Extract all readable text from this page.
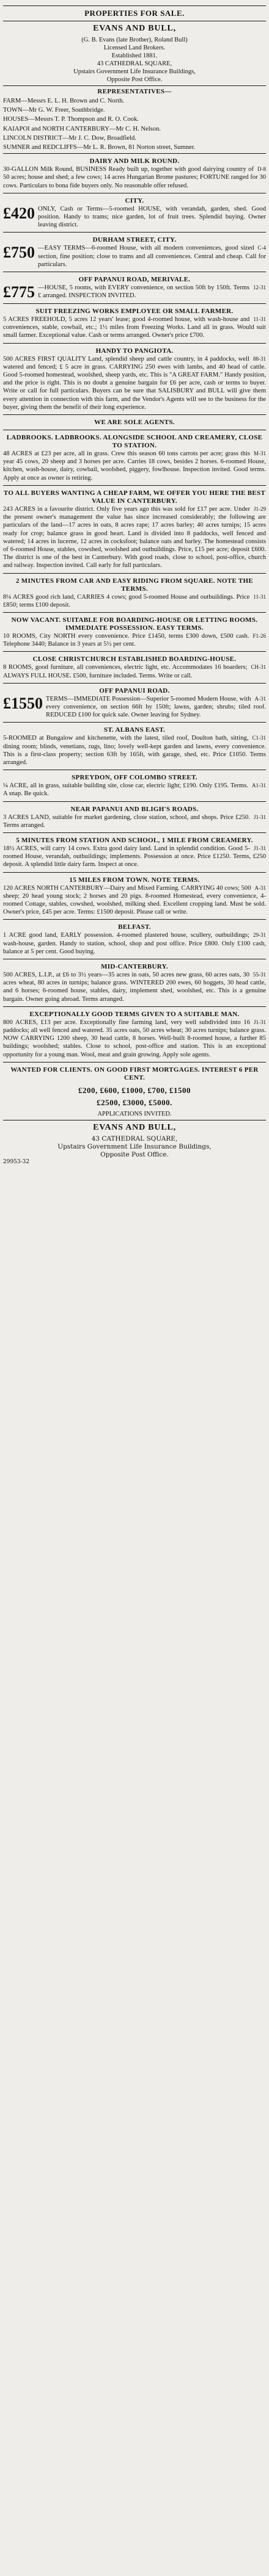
PROPERTIES FOR SALE.
EVANS AND BULL,
(G. B. Evans (late Brother), Roland Bull)
Licensed Land Brokers.
Established 1881.
43 CATHEDRAL SQUARE,
Upstairs Government Life Insurance Buildings,
Opposite Post Office.
REPRESENTATIVES—
FARM—Messrs E. L. H. Brown and C. North.
TOWN—Mr G. W. Freer, Southbridge.
HOUSES—Messrs T. P. Thompson and R. O. Cook.
KAIAPOI and NORTH CANTERBURY—Mr C. H. Nelson.
LINCOLN DISTRICT—Mr J. C. Dow, Broadfield.
SUMNER and REDCLIFFS—Mr L. R. Brown, 81 Norton street, Sumner.
DAIRY AND MILK ROUND.
D-8
30-GALLON Milk Round, BUSINESS Ready built up, together with good dairying country of 50 acres; house and shed; a few cows; 14 acres Hungarian Brome pastures; FORTUNE ranged for 30 cows. Particulars to bona fide buyers only. No reasonable offer refused.
CITY.
£420 ONLY, Cash or Terms—5-roomed HOUSE, with verandah, garden, shed. Good position. Handy to trams; nice garden, lot of fruit trees. Splendid buying. Owner leaving district.
DURHAM STREET, CITY.
£750	C-4
—EASY TERMS—6-roomed House, with all modern conveniences, good sized section, fine position; close to trams and all conveniences. Central and cheap. Call for particulars.
OFF PAPANUI ROAD, MERIVALE.
£775	12-31
—HOUSE, 5 rooms, with EVERY convenience, on section 50ft by 150ft. Terms £ arranged. INSPECTION INVITED.
SUIT FREEZING WORKS EMPLOYEE OR SMALL FARMER.
11-31
5 ACRES FREEHOLD, 5 acres 12 years' lease; good 4-roomed house, with wash-house and conveniences, stable, cowbail, etc.; 1½ miles from Freezing Works. Land all in grass. Would suit small farmer. Exceptional value. Cash or terms arranged. Owner's price £700.
HANDY TO PANGIOTA.
88-31
500 ACRES FIRST QUALITY Land, splendid sheep and cattle country, in 4 paddocks, well watered and fenced; £ 5 acre in grass. CARRYING 250 ewes with lambs, and 40 head of cattle. Good 5-roomed homestead, woolshed, sheep yards, etc. This is "A GREAT FARM." Handy position, and the price is right. This is no doubt a genuine bargain for £6 per acre, cash or terms to buyer. Write or call for full particulars. Buyers can be sure that SALISBURY and BULL will give them every attention in connection with this farm, and the Vendor's Agents will see to the business for the buyer, giving them the benefit of their long experience.
WE ARE SOLE AGENTS.
LADBROOKS. LADBROOKS. ALONGSIDE SCHOOL AND CREAMERY, CLOSE TO STATION.
M-31
48 ACRES at £23 per acre, all in grass. Crew this season 60 tons carrots per acre; grass this year 45 cows, 20 sheep and 3 horses per acre. Carries 18 cows, besides 2 horses. 6-roomed House, kitchen, wash-house, dairy, cowbail, woolshed, piggery, fowlhouse. Inspection invited. Good terms. Apply at once as owner is retiring.
TO ALL BUYERS WANTING A CHEAP FARM, WE OFFER YOU HERE THE BEST VALUE IN CANTERBURY.
J1-29
243 ACRES in a favourite district. Only five years ago this was sold for £17 per acre. Under the present owner's management the value has since increased considerably; the following are particulars of the land—17 acres in oats, 8 acres rape; 17 acres barley; 40 acres turnips; 15 acres ready for crop; balance grass in good heart. Land is divided into 8 paddocks, well fenced and watered; 14 acres in lucerne, 12 acres in cocksfoot; balance oats and barley. The homestead consists of 6-roomed House, stables, cowshed, woolshed and outbuildings. Price, £15 per acre; deposit £600. The district is one of the best in Canterbury. With good roads, close to school, post-office, church and railway. Inspection invited. Call early for full particulars.
2 MINUTES FROM CAR AND EASY RIDING FROM SQUARE. NOTE THE TERMS.
11-31
8¼ ACRES good rich land, CARRIES 4 cows; good 5-roomed House and outbuildings. Price £850; terms £100 deposit.
NOW VACANT. SUITABLE FOR BOARDING-HOUSE OR LETTING ROOMS. IMMEDIATE POSSESSION. EASY TERMS.
F1-26
10 ROOMS, City NORTH every convenience. Price £1450, terms £300 down, £500 cash. Telephone 3440; Balance in 3 years at 5½ per cent.
CLOSE CHRISTCHURCH ESTABLISHED BOARDING-HOUSE.
CH-31
8 ROOMS, good furniture, all conveniences, electric light, etc. Accommodates 16 boarders; ALWAYS FULL HOUSE. £500, furniture included. Terms. Write or call.
OFF PAPANUI ROAD.
£1550	A-31
TERMS—IMMEDIATE Possession—Superior 5-roomed Modern House, with every convenience, on section 66ft by 150ft; lawns, garden; shrubs; tiled roof. REDUCED £100 for quick sale. Owner leaving for Sydney.
ST. ALBANS EAST.
C1-31
5-ROOMED at Bungalow and kitchenette, with the latest, tiled roof, Doulton bath, sitting, dining room; blinds, venetians, rugs, lino; lovely well-kept garden and lawns, every convenience. This is a first-class property; section 63ft by 165ft, with garage, shed, etc. Price £1050. Terms arranged.
SPREYDON, OFF COLOMBO STREET.
A1-31
¼ ACRE, all in grass, suitable building site, close car, electric light; £190. Only £195. Terms. A snap. Be quick.
NEAR PAPANUI AND BLIGH'S ROADS.
J1-31
3 ACRES LAND, suitable for market gardening, close station, school, and shops. Price £250. Terms arranged.
5 MINUTES FROM STATION AND SCHOOL, 1 MILE FROM CREAMERY.
J1-31
18½ ACRES, will carry 14 cows. Extra good dairy land. Land in splendid condition. Good 5-roomed House, verandah, outbuildings; implements. Possession at once. Price £1250. Terms, £250 deposit. A splendid little dairy farm. Inspect at once.
15 MILES FROM TOWN. NOTE TERMS.
A-31
120 ACRES NORTH CANTERBURY—Dairy and Mixed Farming. CARRYING 40 cows; 500 sheep; 20 head young stock; 2 horses and 20 pigs. 8-roomed Homestead, every convenience, 4-roomed Cottage, stables, cowshed, woolshed, milking shed. Excellent cropping land. Must be sold. Owner's price, £45 per acre. Terms: £1500 deposit. Please call or write.
BELFAST.
29-31
1 ACRE good land, EARLY possession. 4-roomed plastered house, scullery, outbuildings; wash-house, garden. Handy to station, school, shop and post office. Price £800. Only £100 cash, balance at 5 per cent. Good buying.
MID-CANTERBURY.
55-31
500 ACRES, L.I.P., at £6 to 3½ years—35 acres in oats, 50 acres new grass, 60 acres oats, 30 acres wheat, 80 acres in turnips; balance grass. WINTERED 200 ewes, 60 hoggets, 30 head cattle, and 6 horses; 6-roomed house, stables, dairy, implement shed, woolshed, etc. This is a genuine bargain. Owner going abroad. Terms arranged.
EXCEPTIONALLY GOOD TERMS GIVEN TO A SUITABLE MAN.
J1-31
800 ACRES, £13 per acre. Exceptionally fine farming land, very well subdivided into 16 paddocks; all well fenced and watered. 35 acres oats, 50 acres wheat; 30 acres turnips; balance grass. NOW CARRYING 1200 sheep, 30 head cattle, 8 horses. Well-built 8-roomed house, a further 85 buildings; woolshed; stables. Close to school, post-office and station. This is an exceptional opportunity for a young man. Wool, meat and grain growing. Apply sole agents.
WANTED FOR CLIENTS. ON GOOD FIRST MORTGAGES. INTEREST 6 PER CENT.
£200, £600, £1000, £700, £1500
£2500, £3000, £5000.
APPLICATIONS INVITED.
EVANS AND BULL,
43 CATHEDRAL SQUARE,
Upstairs Government Life Insurance Buildings,
Opposite Post Office.
29953-32
